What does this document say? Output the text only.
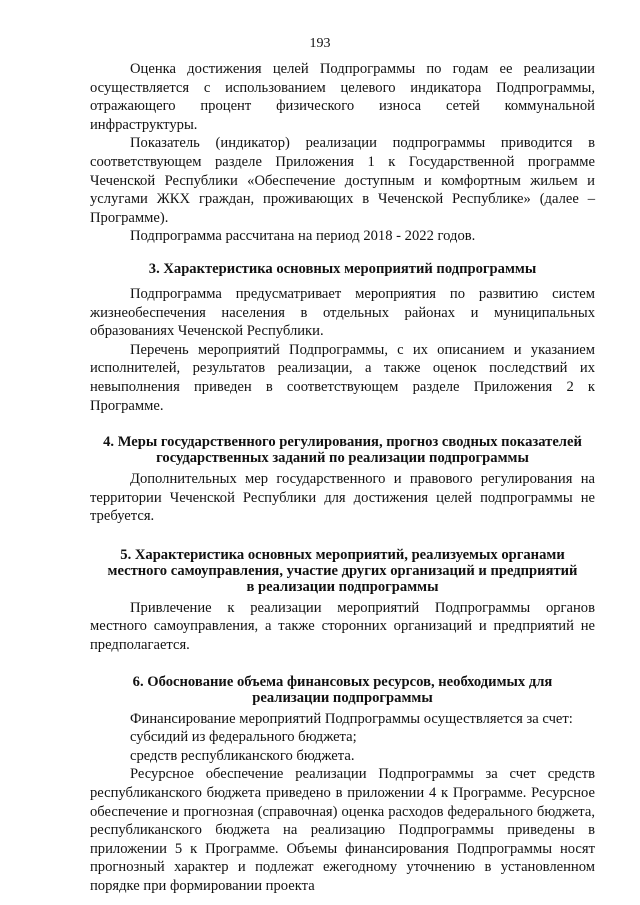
193

Оценка достижения целей Подпрограммы по годам ее реализации осуществляется с использованием целевого индикатора Подпрограммы, отражающего процент физического износа сетей коммунальной инфраструктуры.

Показатель (индикатор) реализации подпрограммы приводится в соответствующем разделе Приложения 1 к Государственной программе Чеченской Республики «Обеспечение доступным и комфортным жильем и услугами ЖКХ граждан, проживающих в Чеченской Республике» (далее – Программе).

Подпрограмма рассчитана на период 2018 - 2022 годов.

3. Характеристика основных мероприятий подпрограммы

Подпрограмма предусматривает мероприятия по развитию систем жизнеобеспечения населения в отдельных районах и муниципальных образованиях Чеченской Республики.

Перечень мероприятий Подпрограммы, с их описанием и указанием исполнителей, результатов реализации, а также оценок последствий их невыполнения приведен в соответствующем разделе Приложения 2 к Программе.

4. Меры государственного регулирования, прогноз сводных показателей
государственных заданий по реализации подпрограммы

Дополнительных мер государственного и правового регулирования на территории Чеченской Республики для достижения целей подпрограммы не требуется.

5. Характеристика основных мероприятий, реализуемых органами
местного самоуправления, участие других организаций и предприятий
в реализации подпрограммы

Привлечение к реализации мероприятий Подпрограммы органов местного самоуправления, а также сторонних организаций и предприятий не предполагается.

6. Обоснование объема финансовых ресурсов, необходимых для
реализации подпрограммы

Финансирование мероприятий Подпрограммы осуществляется за счет:

субсидий из федерального бюджета;

средств республиканского бюджета.

Ресурсное обеспечение реализации Подпрограммы за счет средств республиканского бюджета приведено в приложении 4 к Программе. Ресурсное обеспечение и прогнозная (справочная) оценка расходов федерального бюджета, республиканского бюджета на реализацию Подпрограммы приведены в приложении 5 к Программе. Объемы финансирования Подпрограммы носят прогнозный характер и подлежат ежегодному уточнению в установленном порядке при формировании проекта
